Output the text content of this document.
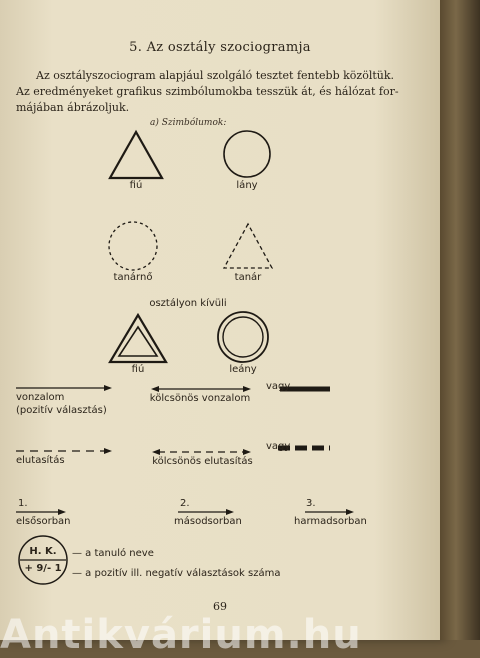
5. Az osztály szociogramja
Az osztályszociogram alapjául szolgáló tesztet fentebb közöltük.
Az eredményeket grafikus szimbólumokba tesszük át, és hálózat for-
májában ábrázoljuk.
a) Szimbólumok:
fiú	lány
tanárnő	tanár
osztályon kívüli
fiú	leány
vonzalom
(pozitív választás)
kölcsönös vonzalom
vagy
elutasítás	kölcsönös elutasítás
vagy
1.
elsősorban
2.
másodsorban
3.
harmadsorban
H. K.
+ 9/- 1
— a tanuló neve
— a pozitív ill. negatív választások száma
69
Antikvárium.hu
